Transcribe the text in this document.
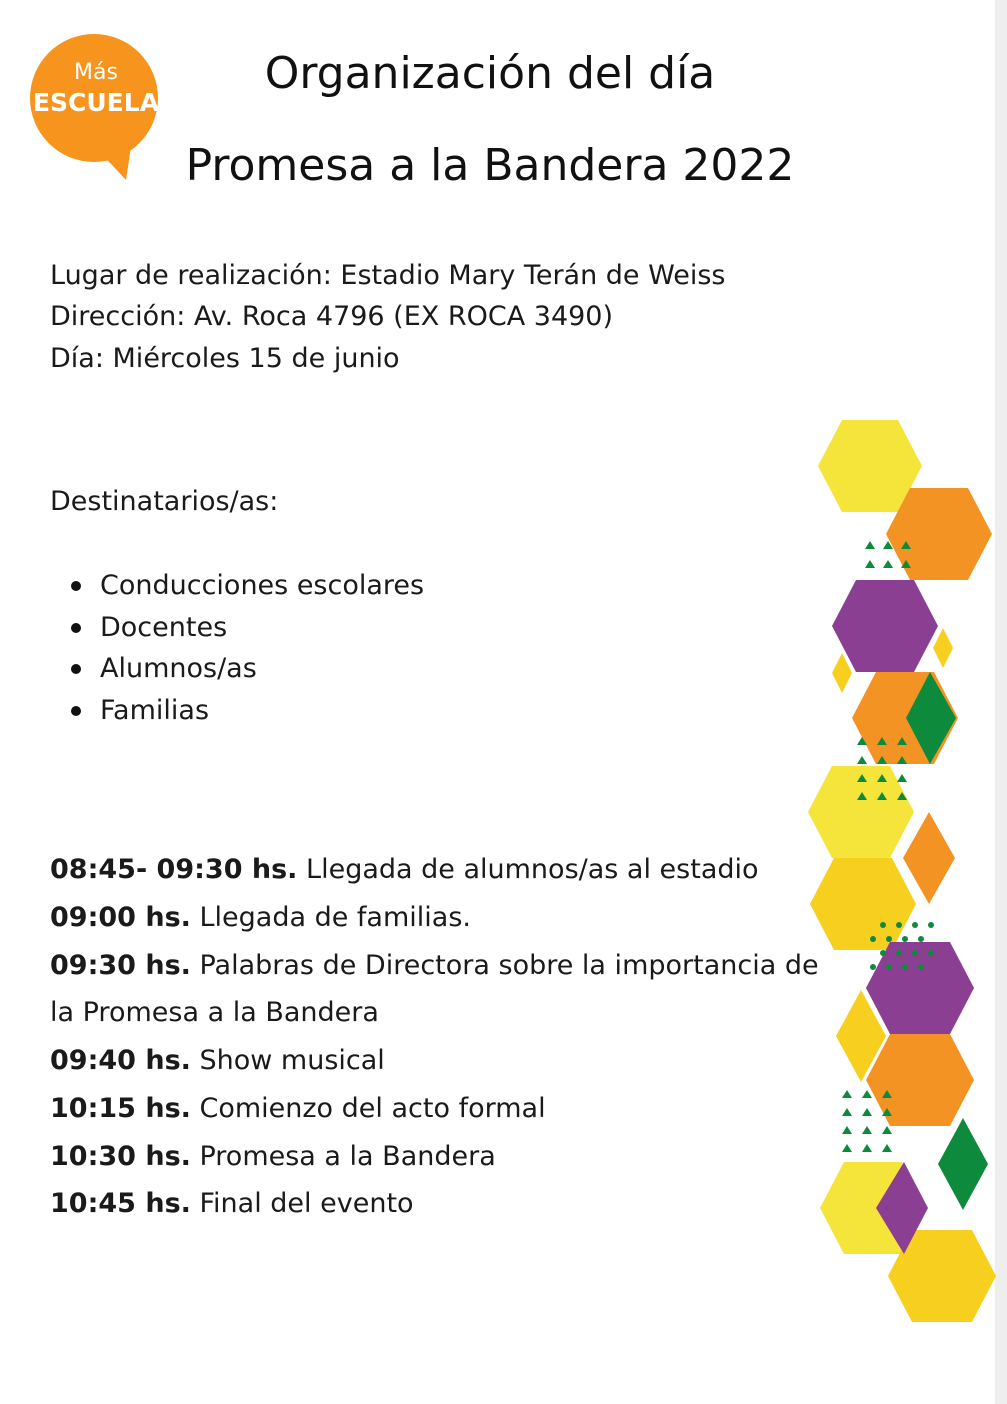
Más
ESCUELA
Organización del día
Promesa a la Bandera 2022
Lugar de realización: Estadio Mary Terán de Weiss
Dirección: Av. Roca 4796 (EX ROCA 3490)
Día: Miércoles 15 de junio
Destinatarios/as:
Conducciones escolares
Docentes
Alumnos/as
Familias
08:45- 09:30 hs. Llegada de alumnos/as al estadio
09:00 hs. Llegada de familias.
09:30 hs. Palabras de Directora sobre la importancia de
la Promesa a la Bandera
09:40 hs. Show musical
10:15 hs. Comienzo del acto formal
10:30 hs. Promesa a la Bandera
10:45 hs. Final del evento
